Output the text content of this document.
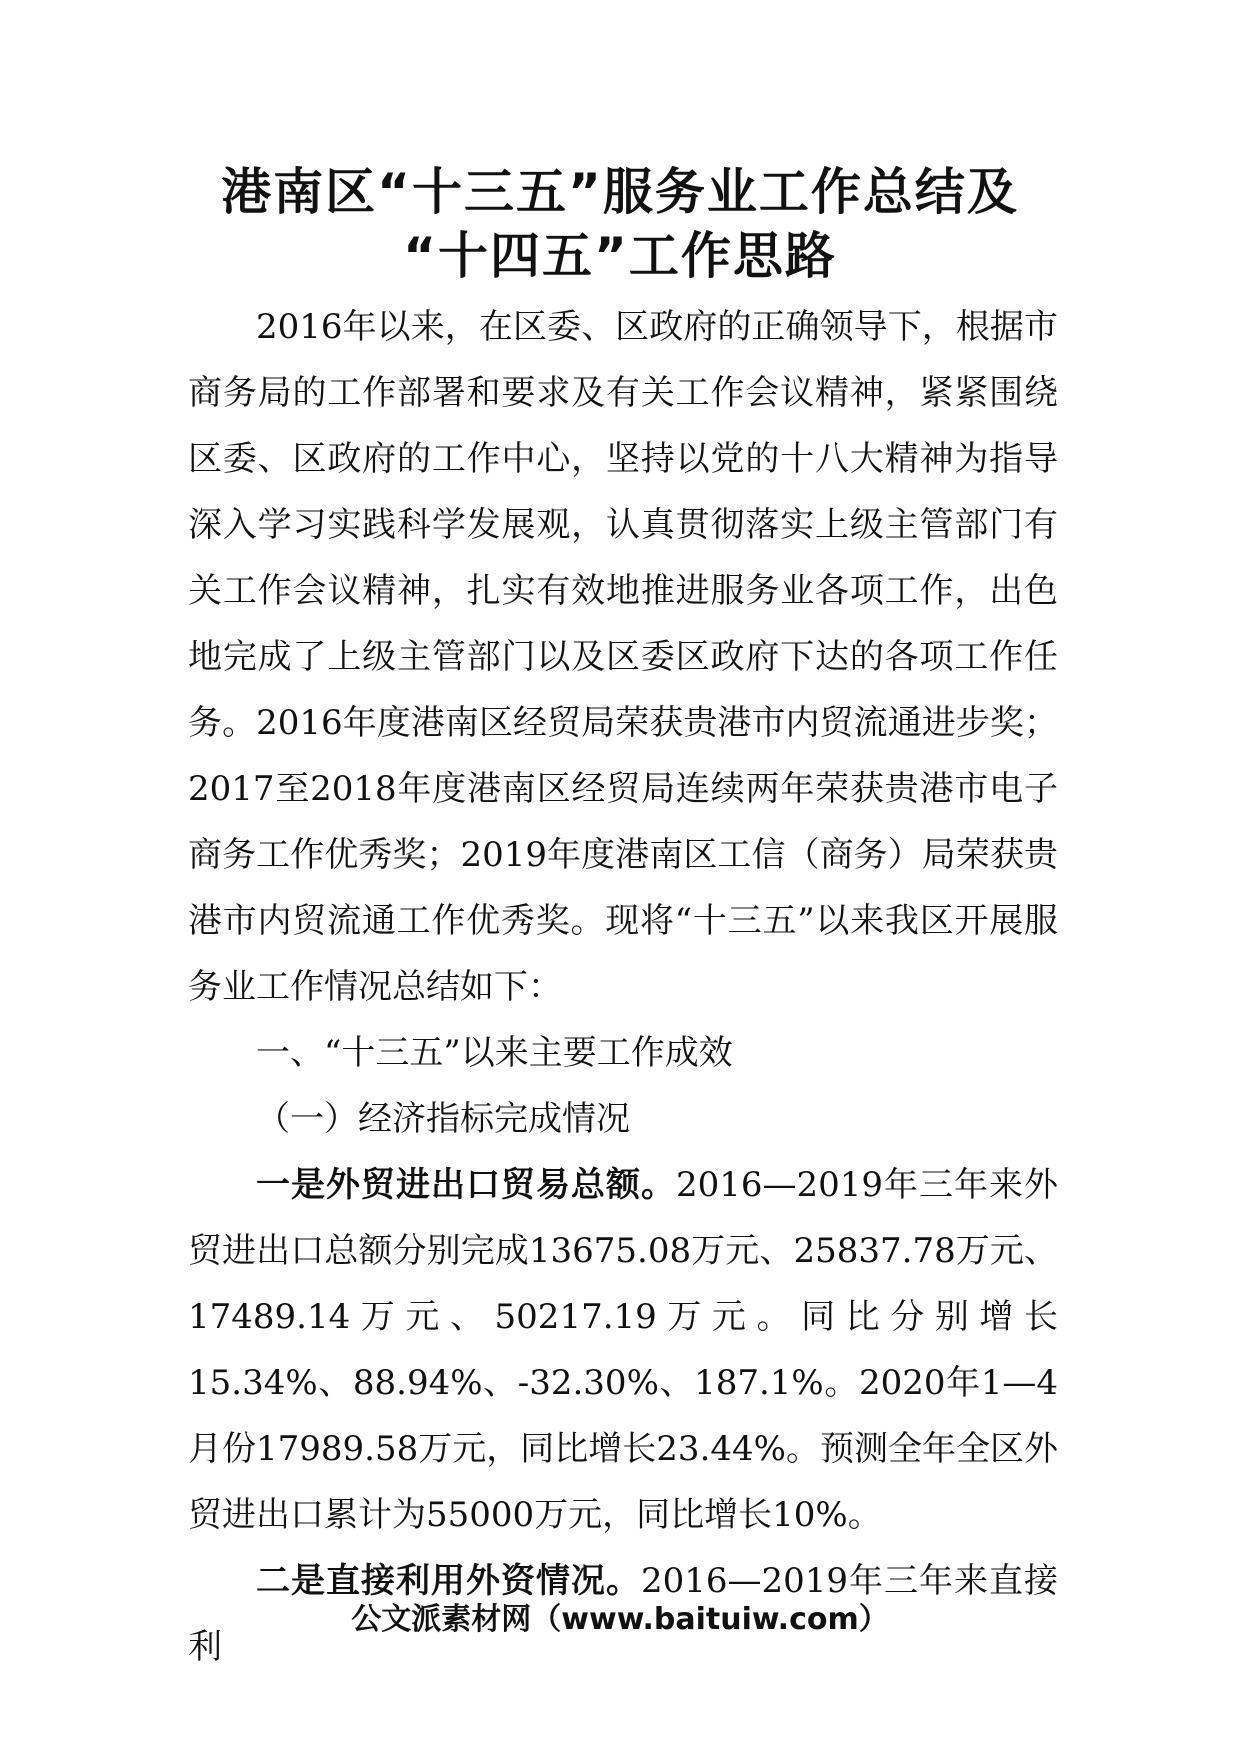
港南区“十三五”服务业工作总结及 “十四五”工作思路

2016年以来，在区委、区政府的正确领导下，根据市商务局的工作部署和要求及有关工作会议精神，紧紧围绕区委、区政府的工作中心，坚持以党的十八大精神为指导深入学习实践科学发展观，认真贯彻落实上级主管部门有关工作会议精神，扎实有效地推进服务业各项工作，出色地完成了上级主管部门以及区委区政府下达的各项工作任务。2016年度港南区经贸局荣获贵港市内贸流通进步奖；2017至2018年度港南区经贸局连续两年荣获贵港市电子商务工作优秀奖；2019年度港南区工信（商务）局荣获贵港市内贸流通工作优秀奖。现将“十三五”以来我区开展服务业工作情况总结如下：

一、“十三五”以来主要工作成效

（一）经济指标完成情况

一是外贸进出口贸易总额。2016—2019年三年来外贸进出口总额分别完成13675.08万元、25837.78万元、17489.14万元、50217.19万元。同比分别增长15.34%、88.94%、-32.30%、187.1%。2020年1—4月份17989.58万元，同比增长23.44%。预测全年全区外贸进出口累计为55000万元，同比增长10%。

二是直接利用外资情况。2016—2019年三年来直接利

公文派素材网（www.baituiw.com）
